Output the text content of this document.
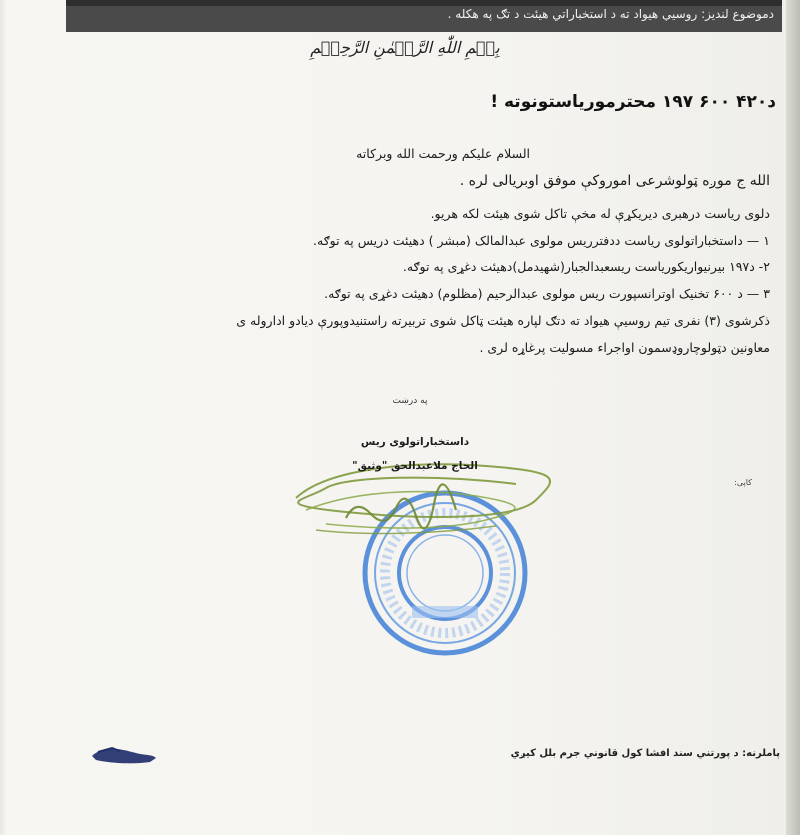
دموضوع لندیز: روسیې هیواد ته د استخباراتي هیئت د تګ په هکله .
بِسۡمِ اللّٰهِ الرَّحۡمٰنِ الرَّحِیۡمِ
د۴۲۰ ۶۰۰ ۱۹۷ محترموریاستونوته !
السلام علیکم ورحمت الله وبرکاته
الله ج موږه ټولوشرعی اموروکې موفق اوبریالی لره .
دلوی ریاست درهبری دیریکړې له مخې تاکل شوی هیئت لکه هریو.
۱ — داستخباراتولوی ریاست ددفترریس مولوی عبدالمالک (مبشر ) دهیئت دریس په توګه.
۲- د۱۹۷ بیرنیواریکوریاست ریسعبدالجبار(شهیدمل)دهیئت دغړی په توګه.
۳ — د ۶۰۰ تخنیک اوترانسپورت ریس مولوی عبدالرحیم (مظلوم) دهیئت دغړی په توګه.
ذکرشوی (۳) نفری تیم روسیې هیواد ته دتګ لپاره هیئت ټاکل شوی تربیرته راستنیدوپورې دیادو اداروله ی
معاونین دټولوچاروډسمون اواجراء مسولیت پرغاړه لری .
په درښت
داستخباراتولوی ریس
الحاج ملاعبدالحق "وثیق"
کاپی:
پاملرنه: د پورتني سند افشا کول قانوني جرم بلل کیږي
